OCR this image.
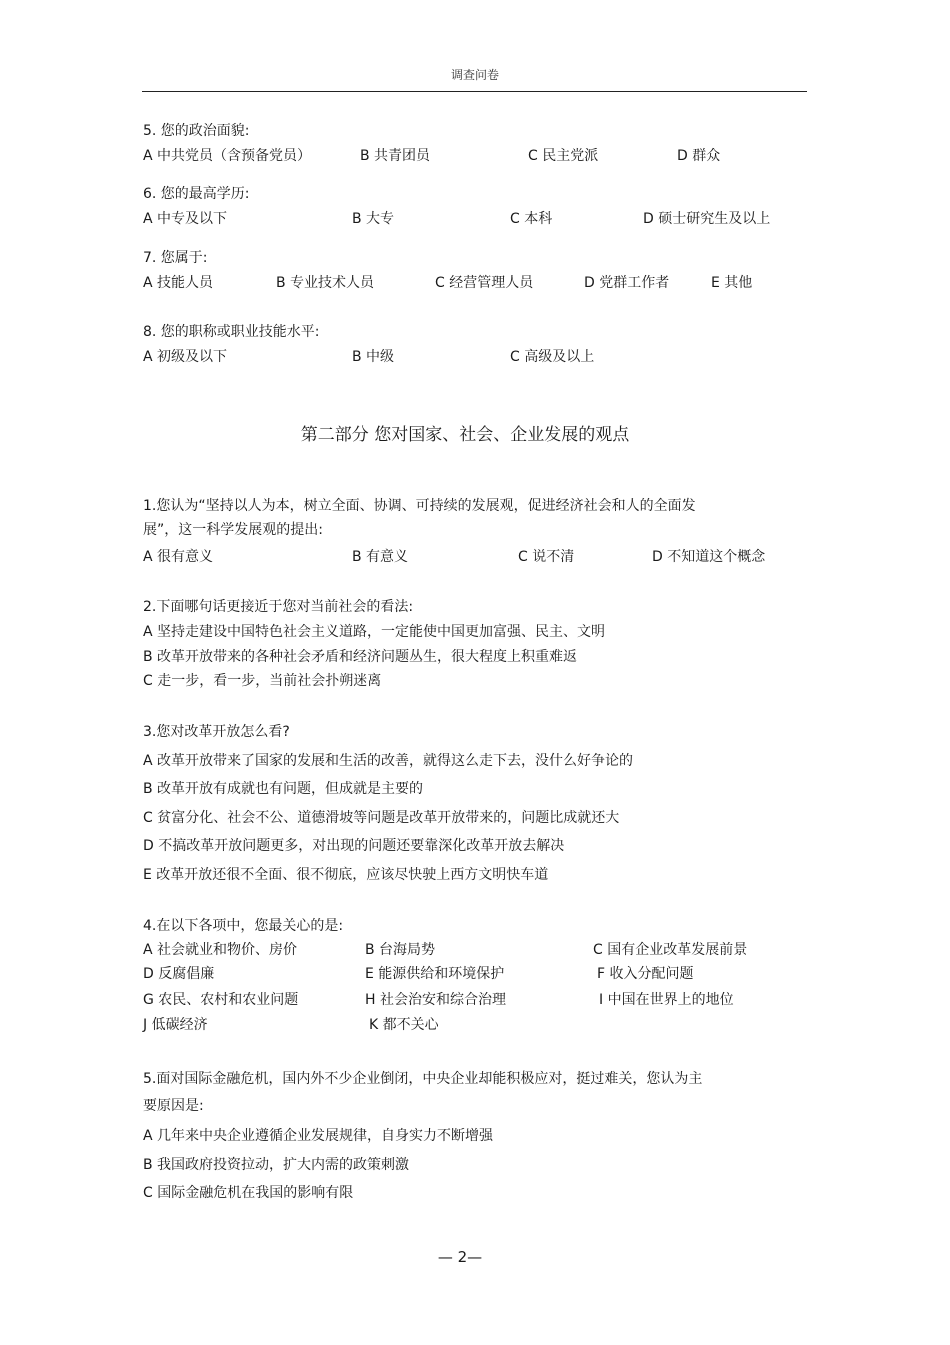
调查问卷
5. 您的政治面貌:
A 中共党员（含预备党员）	B 共青团员	C 民主党派	D 群众
6. 您的最高学历:
A 中专及以下	B 大专	C 本科	D 硕士研究生及以上
7. 您属于:
A 技能人员	B 专业技术人员	C 经营管理人员	D 党群工作者	E 其他
8. 您的职称或职业技能水平:
A 初级及以下	B 中级	C 高级及以上
第二部分 您对国家、社会、企业发展的观点
1.您认为“坚持以人为本，树立全面、协调、可持续的发展观，促进经济社会和人的全面发
展”，这一科学发展观的提出:
A 很有意义	B 有意义	C 说不清	D 不知道这个概念
2.下面哪句话更接近于您对当前社会的看法:
A 坚持走建设中国特色社会主义道路，一定能使中国更加富强、民主、文明
B 改革开放带来的各种社会矛盾和经济问题丛生，很大程度上积重难返
C 走一步，看一步，当前社会扑朔迷离
3.您对改革开放怎么看?
A 改革开放带来了国家的发展和生活的改善，就得这么走下去，没什么好争论的
B 改革开放有成就也有问题，但成就是主要的
C 贫富分化、社会不公、道德滑坡等问题是改革开放带来的，问题比成就还大
D 不搞改革开放问题更多，对出现的问题还要靠深化改革开放去解决
E 改革开放还很不全面、很不彻底，应该尽快驶上西方文明快车道
4.在以下各项中，您最关心的是:
A 社会就业和物价、房价	B 台海局势	C 国有企业改革发展前景
D 反腐倡廉	E 能源供给和环境保护	F 收入分配问题
G 农民、农村和农业问题	H 社会治安和综合治理	I 中国在世界上的地位
J 低碳经济	K 都不关心
5.面对国际金融危机，国内外不少企业倒闭，中央企业却能积极应对，挺过难关，您认为主
要原因是:
A 几年来中央企业遵循企业发展规律，自身实力不断增强
B 我国政府投资拉动，扩大内需的政策刺激
C 国际金融危机在我国的影响有限
— 2—
